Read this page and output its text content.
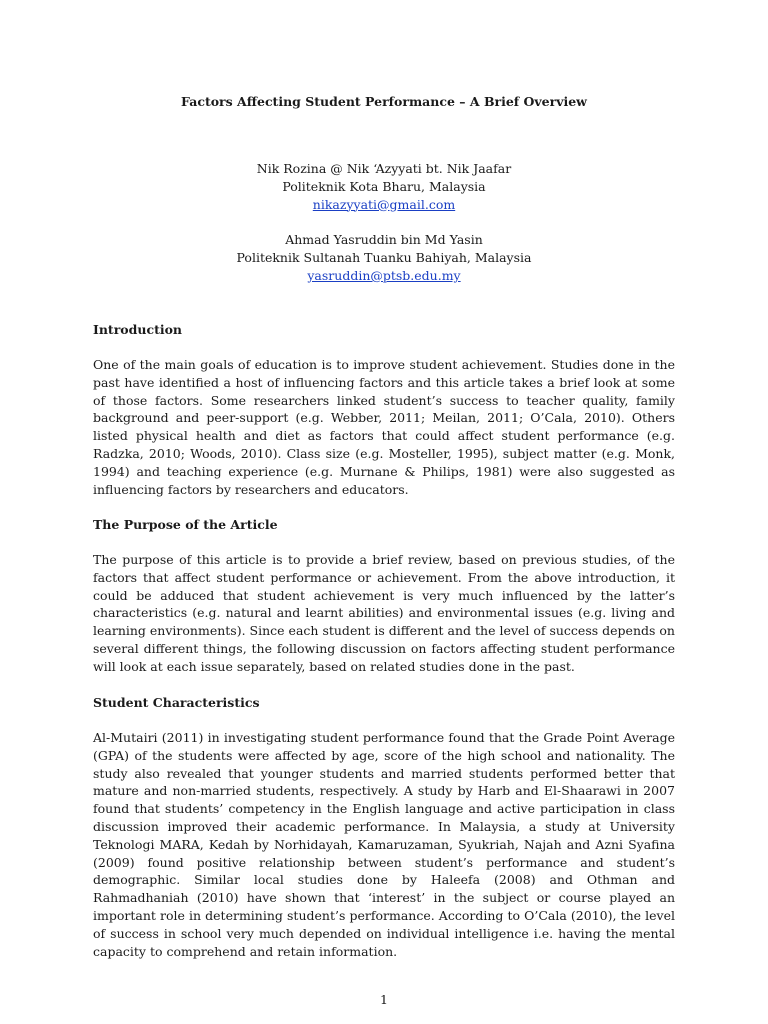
Factors Affecting Student Performance – A Brief Overview
Nik Rozina @ Nik ‘Azyyati bt. Nik Jaafar
Politeknik Kota Bharu, Malaysia
nikazyyati@gmail.com
Ahmad Yasruddin bin Md Yasin
Politeknik Sultanah Tuanku Bahiyah, Malaysia
yasruddin@ptsb.edu.my
Introduction
One of the main goals of education is to improve student achievement. Studies done in the past have identified a host of influencing factors and this article takes a brief look at some of those factors. Some researchers linked student’s success to teacher quality, family background and peer-support (e.g. Webber, 2011; Meilan, 2011; O’Cala, 2010). Others listed physical health and diet as factors that could affect student performance (e.g. Radzka, 2010; Woods, 2010). Class size (e.g. Mosteller, 1995), subject matter (e.g. Monk, 1994) and teaching experience (e.g. Murnane & Philips, 1981) were also suggested as influencing factors by researchers and educators.
The Purpose of the Article
The purpose of this article is to provide a brief review, based on previous studies, of the factors that affect student performance or achievement. From the above introduction, it could be adduced that student achievement is very much influenced by the latter’s characteristics (e.g. natural and learnt abilities) and environmental issues (e.g. living and learning environments). Since each student is different and the level of success depends on several different things, the following discussion on factors affecting student performance will look at each issue separately, based on related studies done in the past.
Student Characteristics
Al-Mutairi (2011) in investigating student performance found that the Grade Point Average (GPA) of the students were affected by age, score of the high school and nationality. The study also revealed that younger students and married students performed better that mature and non-married students, respectively. A study by Harb and El-Shaarawi in 2007 found that students’ competency in the English language and active participation in class discussion improved their academic performance. In Malaysia, a study at University Teknologi MARA, Kedah by Norhidayah, Kamaruzaman, Syukriah, Najah and Azni Syafina (2009) found positive relationship between student’s performance and student’s demographic. Similar local studies done by Haleefa (2008) and Othman and Rahmadhaniah (2010) have shown that ‘interest’ in the subject or course played an important role in determining student’s performance. According to O’Cala (2010), the level of success in school very much depended on individual intelligence i.e. having the mental capacity to comprehend and retain information.
1
